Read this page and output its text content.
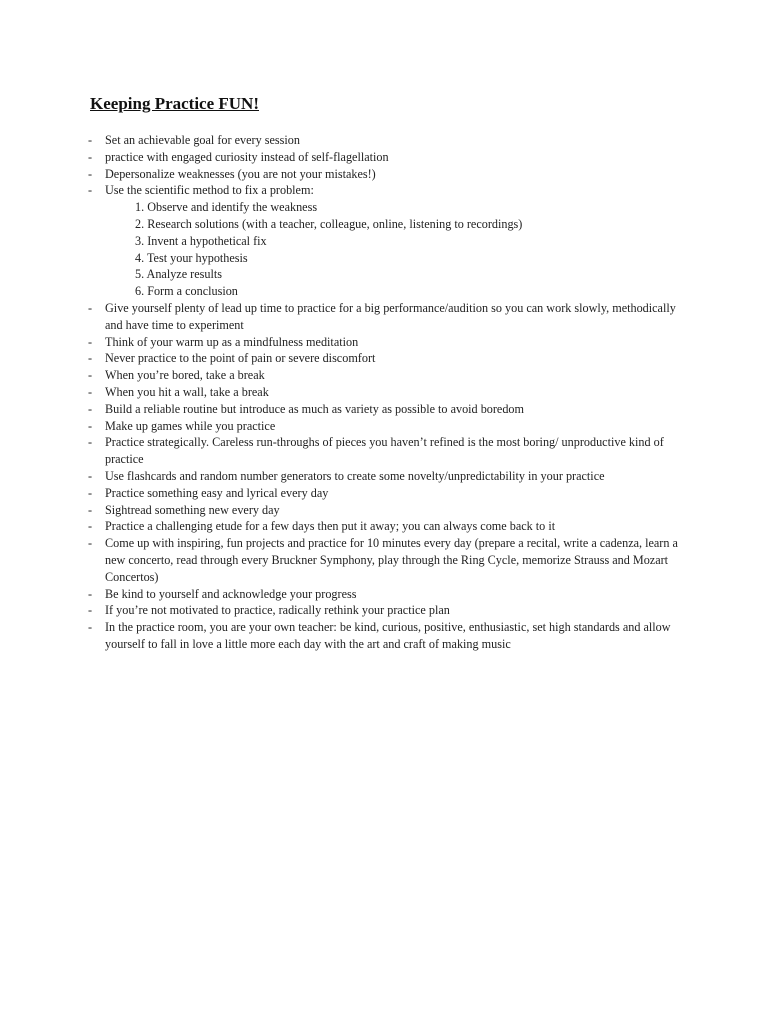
Keeping Practice FUN!
-	Set an achievable goal for every session
-	practice with engaged curiosity instead of self-flagellation
-	Depersonalize weaknesses (you are not your mistakes!)
-	Use the scientific method to fix a problem:
1. Observe and identify the weakness
2. Research solutions (with a teacher, colleague, online, listening to recordings)
3. Invent a hypothetical fix
4. Test your hypothesis
5. Analyze results
6. Form a conclusion
-	Give yourself plenty of lead up time to practice for a big performance/audition so you can work slowly, methodically and have time to experiment
-	Think of your warm up as a mindfulness meditation
-	Never practice to the point of pain or severe discomfort
-	When you’re bored, take a break
-	When you hit a wall, take a break
-	Build a reliable routine but introduce as much as variety as possible to avoid boredom
-	Make up games while you practice
-	Practice strategically. Careless run-throughs of pieces you haven’t refined is the most boring/ unproductive kind of practice
-	Use flashcards and random number generators to create some novelty/unpredictability in your practice
-	Practice something easy and lyrical every day
-	Sightread something new every day
-	Practice a challenging etude for a few days then put it away; you can always come back to it
-	Come up with inspiring, fun projects and practice for 10 minutes every day (prepare a recital, write a cadenza, learn a new concerto, read through every Bruckner Symphony, play through the Ring Cycle, memorize Strauss and Mozart Concertos)
-	Be kind to yourself and acknowledge your progress
-	If you’re not motivated to practice, radically rethink your practice plan
-	In the practice room, you are your own teacher: be kind, curious, positive, enthusiastic, set high standards and allow yourself to fall in love a little more each day with the art and craft of making music
